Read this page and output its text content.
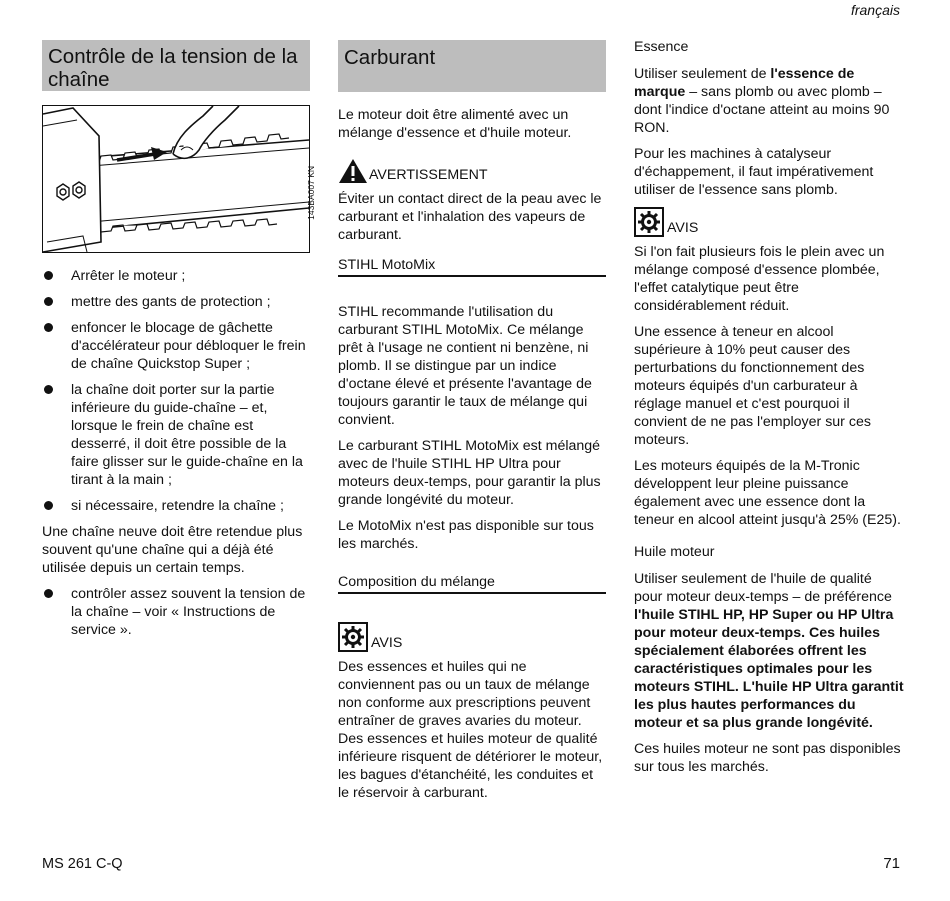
français
Contrôle de la tension de la chaîne
143BA007 KN
Arrêter le moteur ;
mettre des gants de protection ;
enfoncer le blocage de gâchette d'accélérateur pour débloquer le frein de chaîne Quickstop Super ;
la chaîne doit porter sur la partie inférieure du guide-chaîne – et, lorsque le frein de chaîne est desserré, il doit être possible de la faire glisser sur le guide-chaîne en la tirant à la main ;
si nécessaire, retendre la chaîne ;

Une chaîne neuve doit être retendue plus souvent qu'une chaîne qui a déjà été utilisée depuis un certain temps.

contrôler assez souvent la tension de la chaîne – voir « Instructions de service ».
Carburant

Le moteur doit être alimenté avec un mélange d'essence et d'huile moteur.

AVERTISSEMENT

Éviter un contact direct de la peau avec le carburant et l'inhalation des vapeurs de carburant.

STIHL MotoMix

STIHL recommande l'utilisation du carburant STIHL MotoMix. Ce mélange prêt à l'usage ne contient ni benzène, ni plomb. Il se distingue par un indice d'octane élevé et présente l'avantage de toujours garantir le taux de mélange qui convient.

Le carburant STIHL MotoMix est mélangé avec de l'huile STIHL HP Ultra pour moteurs deux-temps, pour garantir la plus grande longévité du moteur.

Le MotoMix n'est pas disponible sur tous les marchés.

Composition du mélange
AVIS

Des essences et huiles qui ne conviennent pas ou un taux de mélange non conforme aux prescriptions peuvent entraîner de graves avaries du moteur. Des essences et huiles moteur de qualité inférieure risquent de détériorer le moteur, les bagues d'étanchéité, les conduites et le réservoir à carburant.

Essence

Utiliser seulement de l'essence de marque – sans plomb ou avec plomb – dont l'indice d'octane atteint au moins 90 RON.

Pour les machines à catalyseur d'échappement, il faut impérativement utiliser de l'essence sans plomb.

AVIS

Si l'on fait plusieurs fois le plein avec un mélange composé d'essence plombée, l'effet catalytique peut être considérablement réduit.

Une essence à teneur en alcool supérieure à 10% peut causer des perturbations du fonctionnement des moteurs équipés d'un carburateur à réglage manuel et c'est pourquoi il convient de ne pas l'employer sur ces moteurs.

Les moteurs équipés de la M-Tronic développent leur pleine puissance également avec une essence dont la teneur en alcool atteint jusqu'à 25% (E25).

Huile moteur

Utiliser seulement de l'huile de qualité pour moteur deux-temps – de préférence l'huile STIHL HP, HP Super ou HP Ultra pour moteur deux-temps. Ces huiles spécialement élaborées offrent les caractéristiques optimales pour les moteurs STIHL. L'huile HP Ultra garantit les plus hautes performances du moteur et sa plus grande longévité.

Ces huiles moteur ne sont pas disponibles sur tous les marchés.

MS 261 C-Q	71
